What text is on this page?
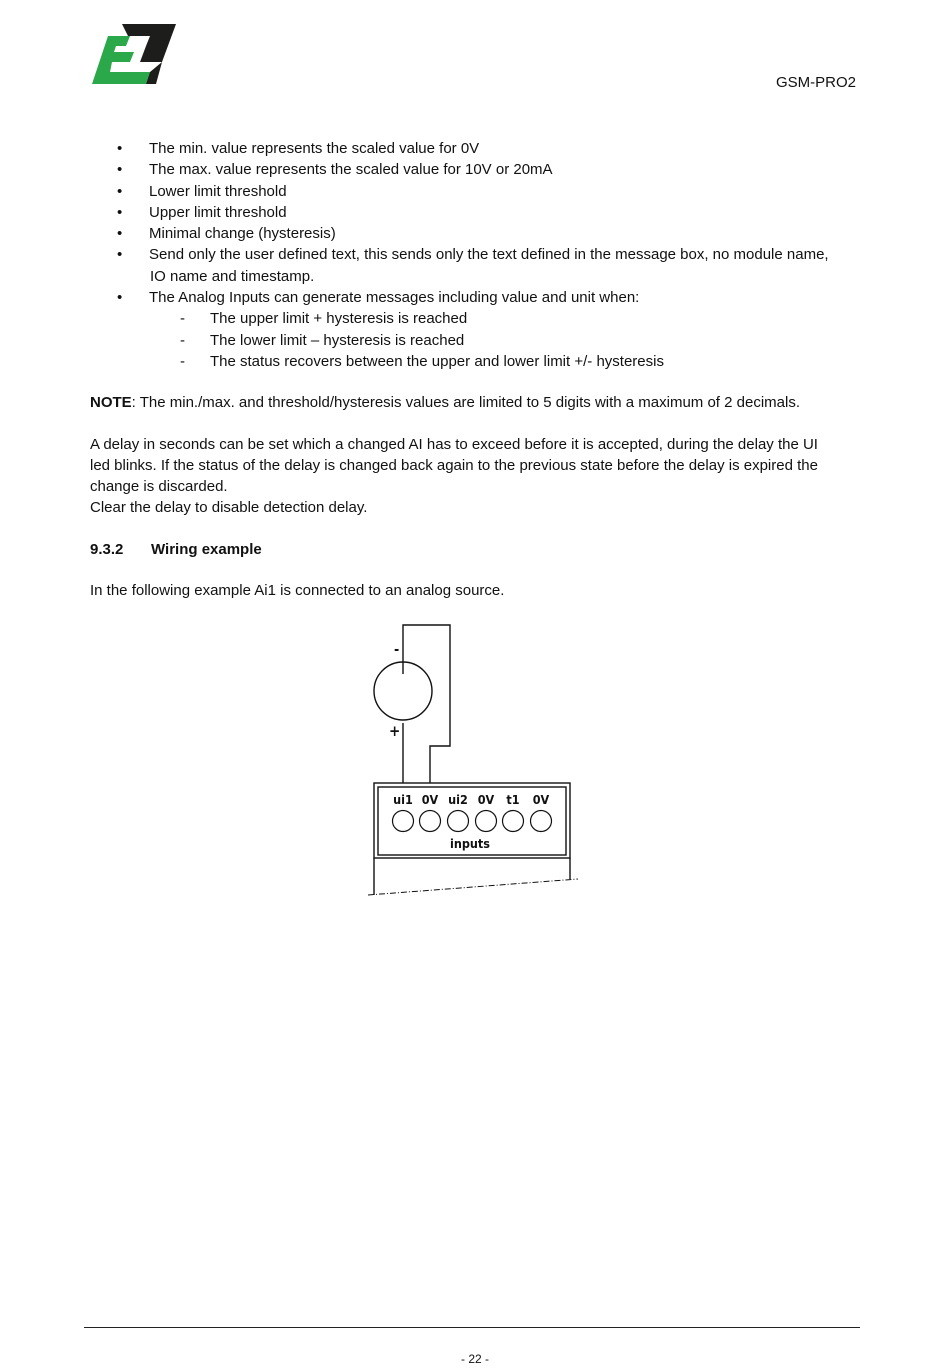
GSM-PRO2
• The min. value represents the scaled value for 0V
• The max. value represents the scaled value for 10V or 20mA
• Lower limit threshold
• Upper limit threshold
• Minimal change (hysteresis)
• Send only the user defined text, this sends only the text defined in the message box, no module name,
IO name and timestamp.
• The Analog Inputs can generate messages including value and unit when:
- The upper limit + hysteresis is reached
- The lower limit – hysteresis is reached
- The status recovers between the upper and lower limit +/- hysteresis

NOTE: The min./max. and threshold/hysteresis values are limited to 5 digits with a maximum of 2 decimals.

A delay in seconds can be set which a changed AI has to exceed before it is accepted, during the delay the UI
led blinks. If the status of the delay is changed back again to the previous state before the delay is expired the
change is discarded.
Clear the delay to disable detection delay.

9.3.2 Wiring example

In the following example Ai1 is connected to an analog source.

-
+
ui1 0V ui2 0V t1 0V
inputs
- 22 -
